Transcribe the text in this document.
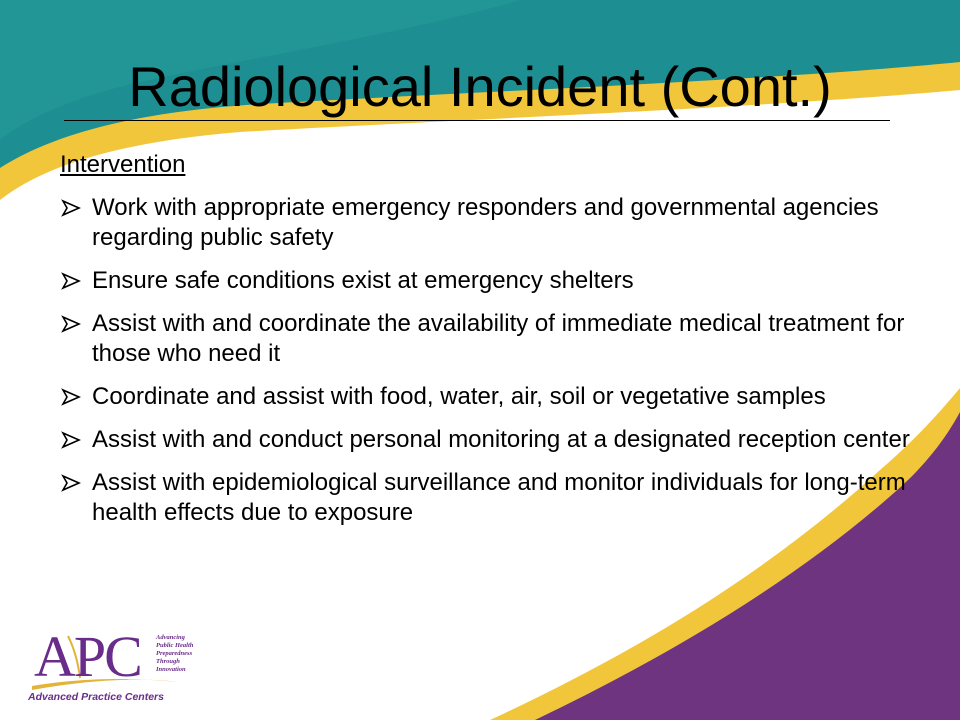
Radiological Incident (Cont.)
Intervention
Work with appropriate emergency responders and governmental agencies regarding public safety
Ensure safe conditions exist at emergency shelters
Assist with and coordinate the availability of immediate medical treatment for those who need it
Coordinate and assist with food, water, air, soil or vegetative samples
Assist with and conduct personal monitoring at a designated reception center
Assist with epidemiological surveillance and monitor individuals for long-term health effects due to exposure
APC Advancing
Public Health
Preparedness
Through
Innovation
Advanced Practice Centers
